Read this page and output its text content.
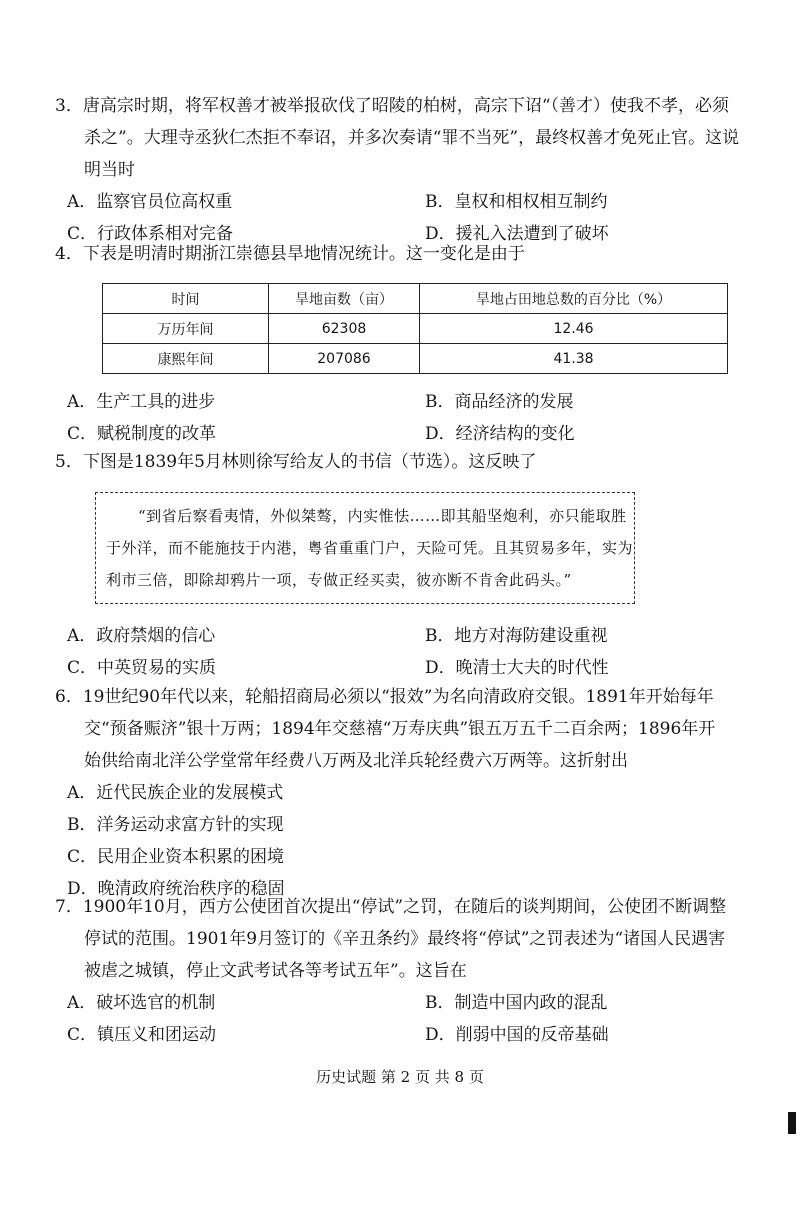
3．唐高宗时期，将军权善才被举报砍伐了昭陵的柏树，高宗下诏“（善才）使我不孝，必须
杀之”。大理寺丞狄仁杰拒不奉诏，并多次奏请“罪不当死”，最终权善才免死止官。这说
明当时
A．监察官员位高权重	B．皇权和相权相互制约
C．行政体系相对完备	D．援礼入法遭到了破坏
4．下表是明清时期浙江崇德县旱地情况统计。这一变化是由于
时间	旱地亩数（亩）	旱地占田地总数的百分比（%）
万历年间	62308	12.46
康熙年间	207086	41.38
A．生产工具的进步	B．商品经济的发展
C．赋税制度的改革	D．经济结构的变化
5．下图是1839年5月林则徐写给友人的书信（节选）。这反映了
“到省后察看夷情，外似桀骜，内实惟怯……即其船坚炮利，亦只能取胜
于外洋，而不能施技于内港，粤省重重门户，天险可凭。且其贸易多年，实为
利市三倍，即除却鸦片一项，专做正经买卖，彼亦断不肯舍此码头。”
A．政府禁烟的信心	B．地方对海防建设重视
C．中英贸易的实质	D．晚清士大夫的时代性
6．19世纪90年代以来，轮船招商局必须以“报效”为名向清政府交银。1891年开始每年
交“预备赈济”银十万两；1894年交慈禧“万寿庆典”银五万五千二百余两；1896年开
始供给南北洋公学堂常年经费八万两及北洋兵轮经费六万两等。这折射出
A．近代民族企业的发展模式
B．洋务运动求富方针的实现
C．民用企业资本积累的困境
D．晚清政府统治秩序的稳固
7．1900年10月，西方公使团首次提出“停试”之罚，在随后的谈判期间，公使团不断调整
停试的范围。1901年9月签订的《辛丑条约》最终将“停试”之罚表述为“诸国人民遇害
被虐之城镇，停止文武考试各等考试五年”。这旨在
A．破坏选官的机制	B．制造中国内政的混乱
C．镇压义和团运动	D．削弱中国的反帝基础
历史试题 第 2 页 共 8 页
